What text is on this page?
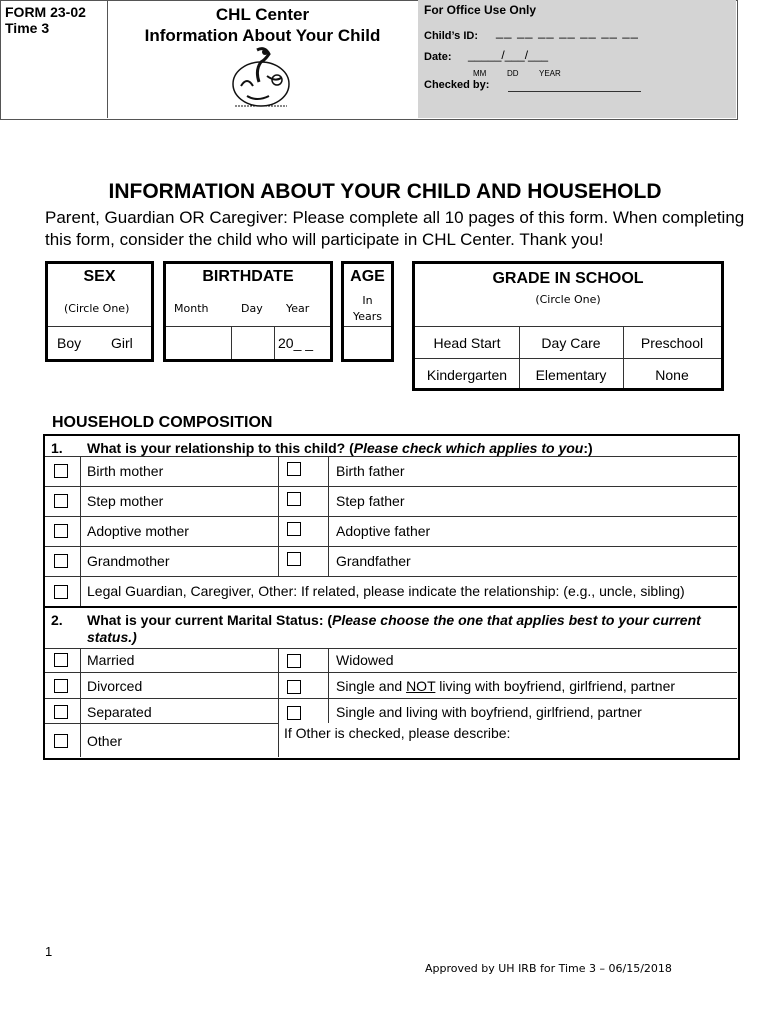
FORM 23-02
Time 3
CHL Center
Information About Your Child
For Office Use Only
Child’s ID: __ __ __ __ __ __ __
Date: _____/___/___
MM	DD	YEAR
Checked by:
INFORMATION ABOUT YOUR CHILD AND HOUSEHOLD
Parent, Guardian OR Caregiver: Please complete all 10 pages of this form. When completing this form, consider the child who will participate in CHL Center. Thank you!
SEX
(Circle One)
Boy Girl
BIRTHDATE
Month	Day Year
20_ _
AGE
In
Years
GRADE IN SCHOOL
(Circle One)
Head Start	Day Care	Preschool
Kindergarten	Elementary	None
HOUSEHOLD COMPOSITION
1. What is your relationship to this child? (Please check which applies to you:)
Birth mother	Birth father
Step mother	Step father
Adoptive mother	Adoptive father
Grandmother	Grandfather
Legal Guardian, Caregiver, Other: If related, please indicate the relationship: (e.g., uncle, sibling)
2. What is your current Marital Status: (Please choose the one that applies best to your current status.)
Married	Widowed
Divorced	Single and NOT living with boyfriend, girlfriend, partner
Separated	Single and living with boyfriend, girlfriend, partner
Other	If Other is checked, please describe:
1
Approved by UH IRB for Time 3 – 06/15/2018
